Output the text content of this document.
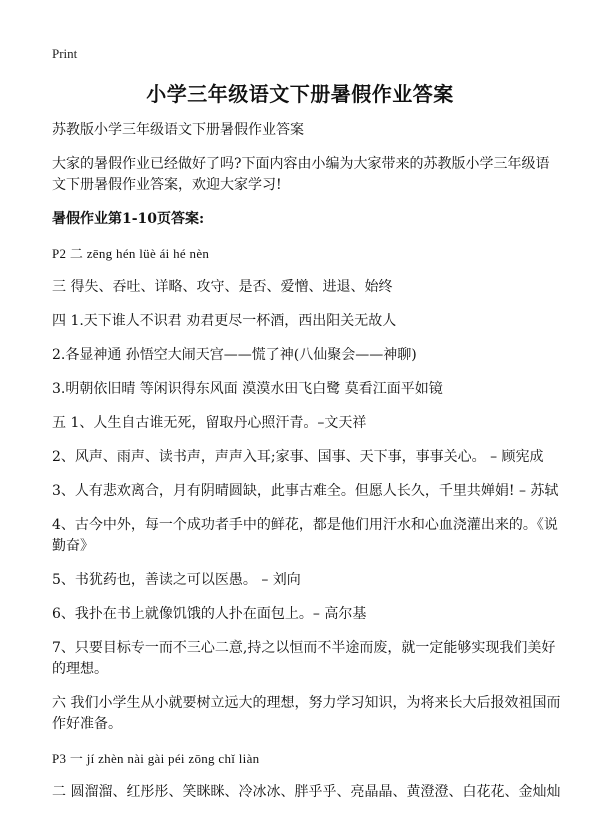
Print
小学三年级语文下册暑假作业答案

苏教版小学三年级语文下册暑假作业答案

大家的暑假作业已经做好了吗?下面内容由小编为大家带来的苏教版小学三年级语文下册暑假作业答案，欢迎大家学习!

暑假作业第1-10页答案:

P2 二 zēng hén lüè ái hé nèn

三 得失、吞吐、详略、攻守、是否、爱憎、进退、始终

四 1.天下谁人不识君 劝君更尽一杯酒，西出阳关无故人

2.各显神通 孙悟空大闹天宫——慌了神(八仙聚会——神聊)

3.明朝依旧晴 等闲识得东风面 漠漠水田飞白鹭 莫看江面平如镜

五 1、人生自古谁无死，留取丹心照汗青。–文天祥

2、风声、雨声、读书声，声声入耳;家事、国事、天下事，事事关心。 – 顾宪成

3、人有悲欢离合，月有阴晴圆缺，此事古难全。但愿人长久，千里共婵娟! – 苏轼

4、古今中外，每一个成功者手中的鲜花，都是他们用汗水和心血浇灌出来的。《说勤奋》

5、书犹药也，善读之可以医愚。 – 刘向

6、我扑在书上就像饥饿的人扑在面包上。– 高尔基

7、只要目标专一而不三心二意,持之以恒而不半途而废，就一定能够实现我们美好的理想。

六 我们小学生从小就要树立远大的理想，努力学习知识，为将来长大后报效祖国而作好准备。

P3 一 jí zhèn nài gài péi zōng chǐ liàn

二 圆溜溜、红彤彤、笑眯眯、冷冰冰、胖乎乎、亮晶晶、黄澄澄、白花花、金灿灿
